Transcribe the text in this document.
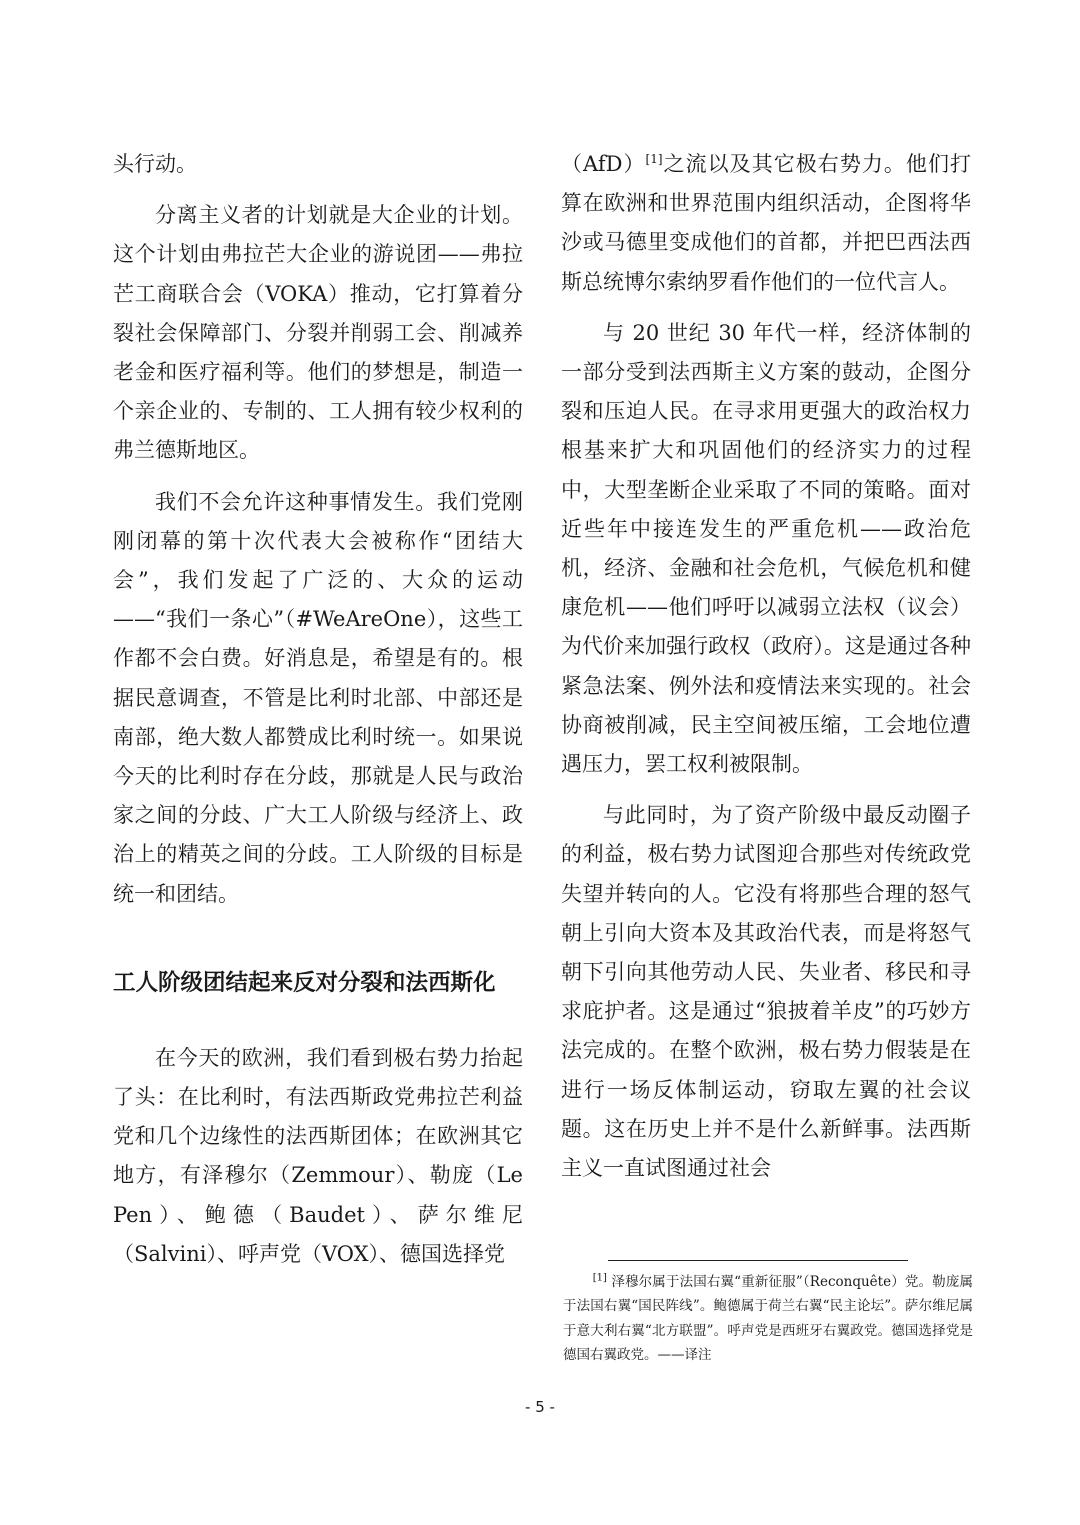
头行动。

分离主义者的计划就是大企业的计划。这个计划由弗拉芒大企业的游说团——弗拉芒工商联合会（VOKA）推动，它打算着分裂社会保障部门、分裂并削弱工会、削减养老金和医疗福利等。他们的梦想是，制造一个亲企业的、专制的、工人拥有较少权利的弗兰德斯地区。

我们不会允许这种事情发生。我们党刚刚闭幕的第十次代表大会被称作“团结大会”，我们发起了广泛的、大众的运动——“我们一条心”（#WeAreOne），这些工作都不会白费。好消息是，希望是有的。根据民意调查，不管是比利时北部、中部还是南部，绝大数人都赞成比利时统一。如果说今天的比利时存在分歧，那就是人民与政治家之间的分歧、广大工人阶级与经济上、政治上的精英之间的分歧。工人阶级的目标是统一和团结。

工人阶级团结起来反对分裂和法西斯化

在今天的欧洲，我们看到极右势力抬起了头：在比利时，有法西斯政党弗拉芒利益党和几个边缘性的法西斯团体；在欧洲其它地方，有泽穆尔（Zemmour）、勒庞（Le Pen）、鲍德（Baudet）、萨尔维尼（Salvini）、呼声党（VOX）、德国选择党

（AfD）[1]之流以及其它极右势力。他们打算在欧洲和世界范围内组织活动，企图将华沙或马德里变成他们的首都，并把巴西法西斯总统博尔索纳罗看作他们的一位代言人。

与 20 世纪 30 年代一样，经济体制的一部分受到法西斯主义方案的鼓动，企图分裂和压迫人民。在寻求用更强大的政治权力根基来扩大和巩固他们的经济实力的过程中，大型垄断企业采取了不同的策略。面对近些年中接连发生的严重危机——政治危机，经济、金融和社会危机，气候危机和健康危机——他们呼吁以减弱立法权（议会）为代价来加强行政权（政府）。这是通过各种紧急法案、例外法和疫情法来实现的。社会协商被削减，民主空间被压缩，工会地位遭遇压力，罢工权利被限制。

与此同时，为了资产阶级中最反动圈子的利益，极右势力试图迎合那些对传统政党失望并转向的人。它没有将那些合理的怒气朝上引向大资本及其政治代表，而是将怒气朝下引向其他劳动人民、失业者、移民和寻求庇护者。这是通过“狼披着羊皮”的巧妙方法完成的。在整个欧洲，极右势力假装是在进行一场反体制运动，窃取左翼的社会议题。这在历史上并不是什么新鲜事。法西斯主义一直试图通过社会

[1] 泽穆尔属于法国右翼“重新征服”（Reconquête）党。勒庞属于法国右翼“国民阵线”。鲍德属于荷兰右翼“民主论坛”。萨尔维尼属于意大利右翼“北方联盟”。呼声党是西班牙右翼政党。德国选择党是德国右翼政党。——译注

- 5 -
